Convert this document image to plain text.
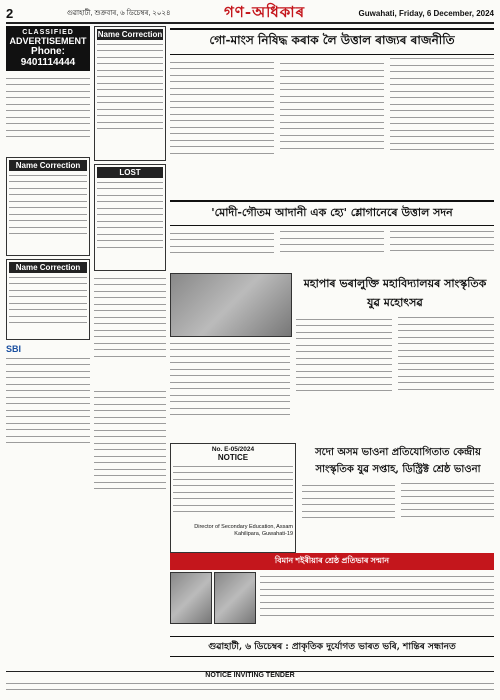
2	গুৱাহাটী, শুক্ৰবাৰ, ৬ ডিচেম্বৰ, ২০২৪	গণ-অধিকাৰ	Guwahati, Friday, 6 December, 2024
CLASSIFIED
ADVERTISEMENT
Phone: 9401114444
Name Correction
Name Correction
SBI
Name Correction
LOST
গো-মাংস নিষিদ্ধ কৰাক লৈ উত্তাল ৰাজ্যৰ ৰাজনীতি
'মোদী-গৌতম আদানী এক হ্যে' শ্লোগানেৰে উত্তাল সদন
মহাপাৰ ভৰালুক্তি মহাবিদ্যালয়ৰ সাংস্কৃতিক যুৱ মহোৎসৱ
No. E-05/2024
NOTICE
Director of Secondary Education, Assam Kahilipara, Guwahati-19
সদো অসম ভাওনা প্ৰতিযোগিতাত কেন্দ্ৰীয় সাংস্কৃতিক যুৱ সপ্তাহ, ডিস্ট্ৰিক্ট শ্ৰেষ্ঠ ভাওনা
বিমান শইৰীয়াৰ শ্ৰেষ্ঠ প্ৰতিভাৰ সন্মান
গুৱাহাটী, ৬ ডিচেম্বৰ : প্ৰাকৃতিক দুৰ্যোগত ভাৰত ভৰি, শান্তিৰ সন্ধানত
NOTICE INVITING TENDER
